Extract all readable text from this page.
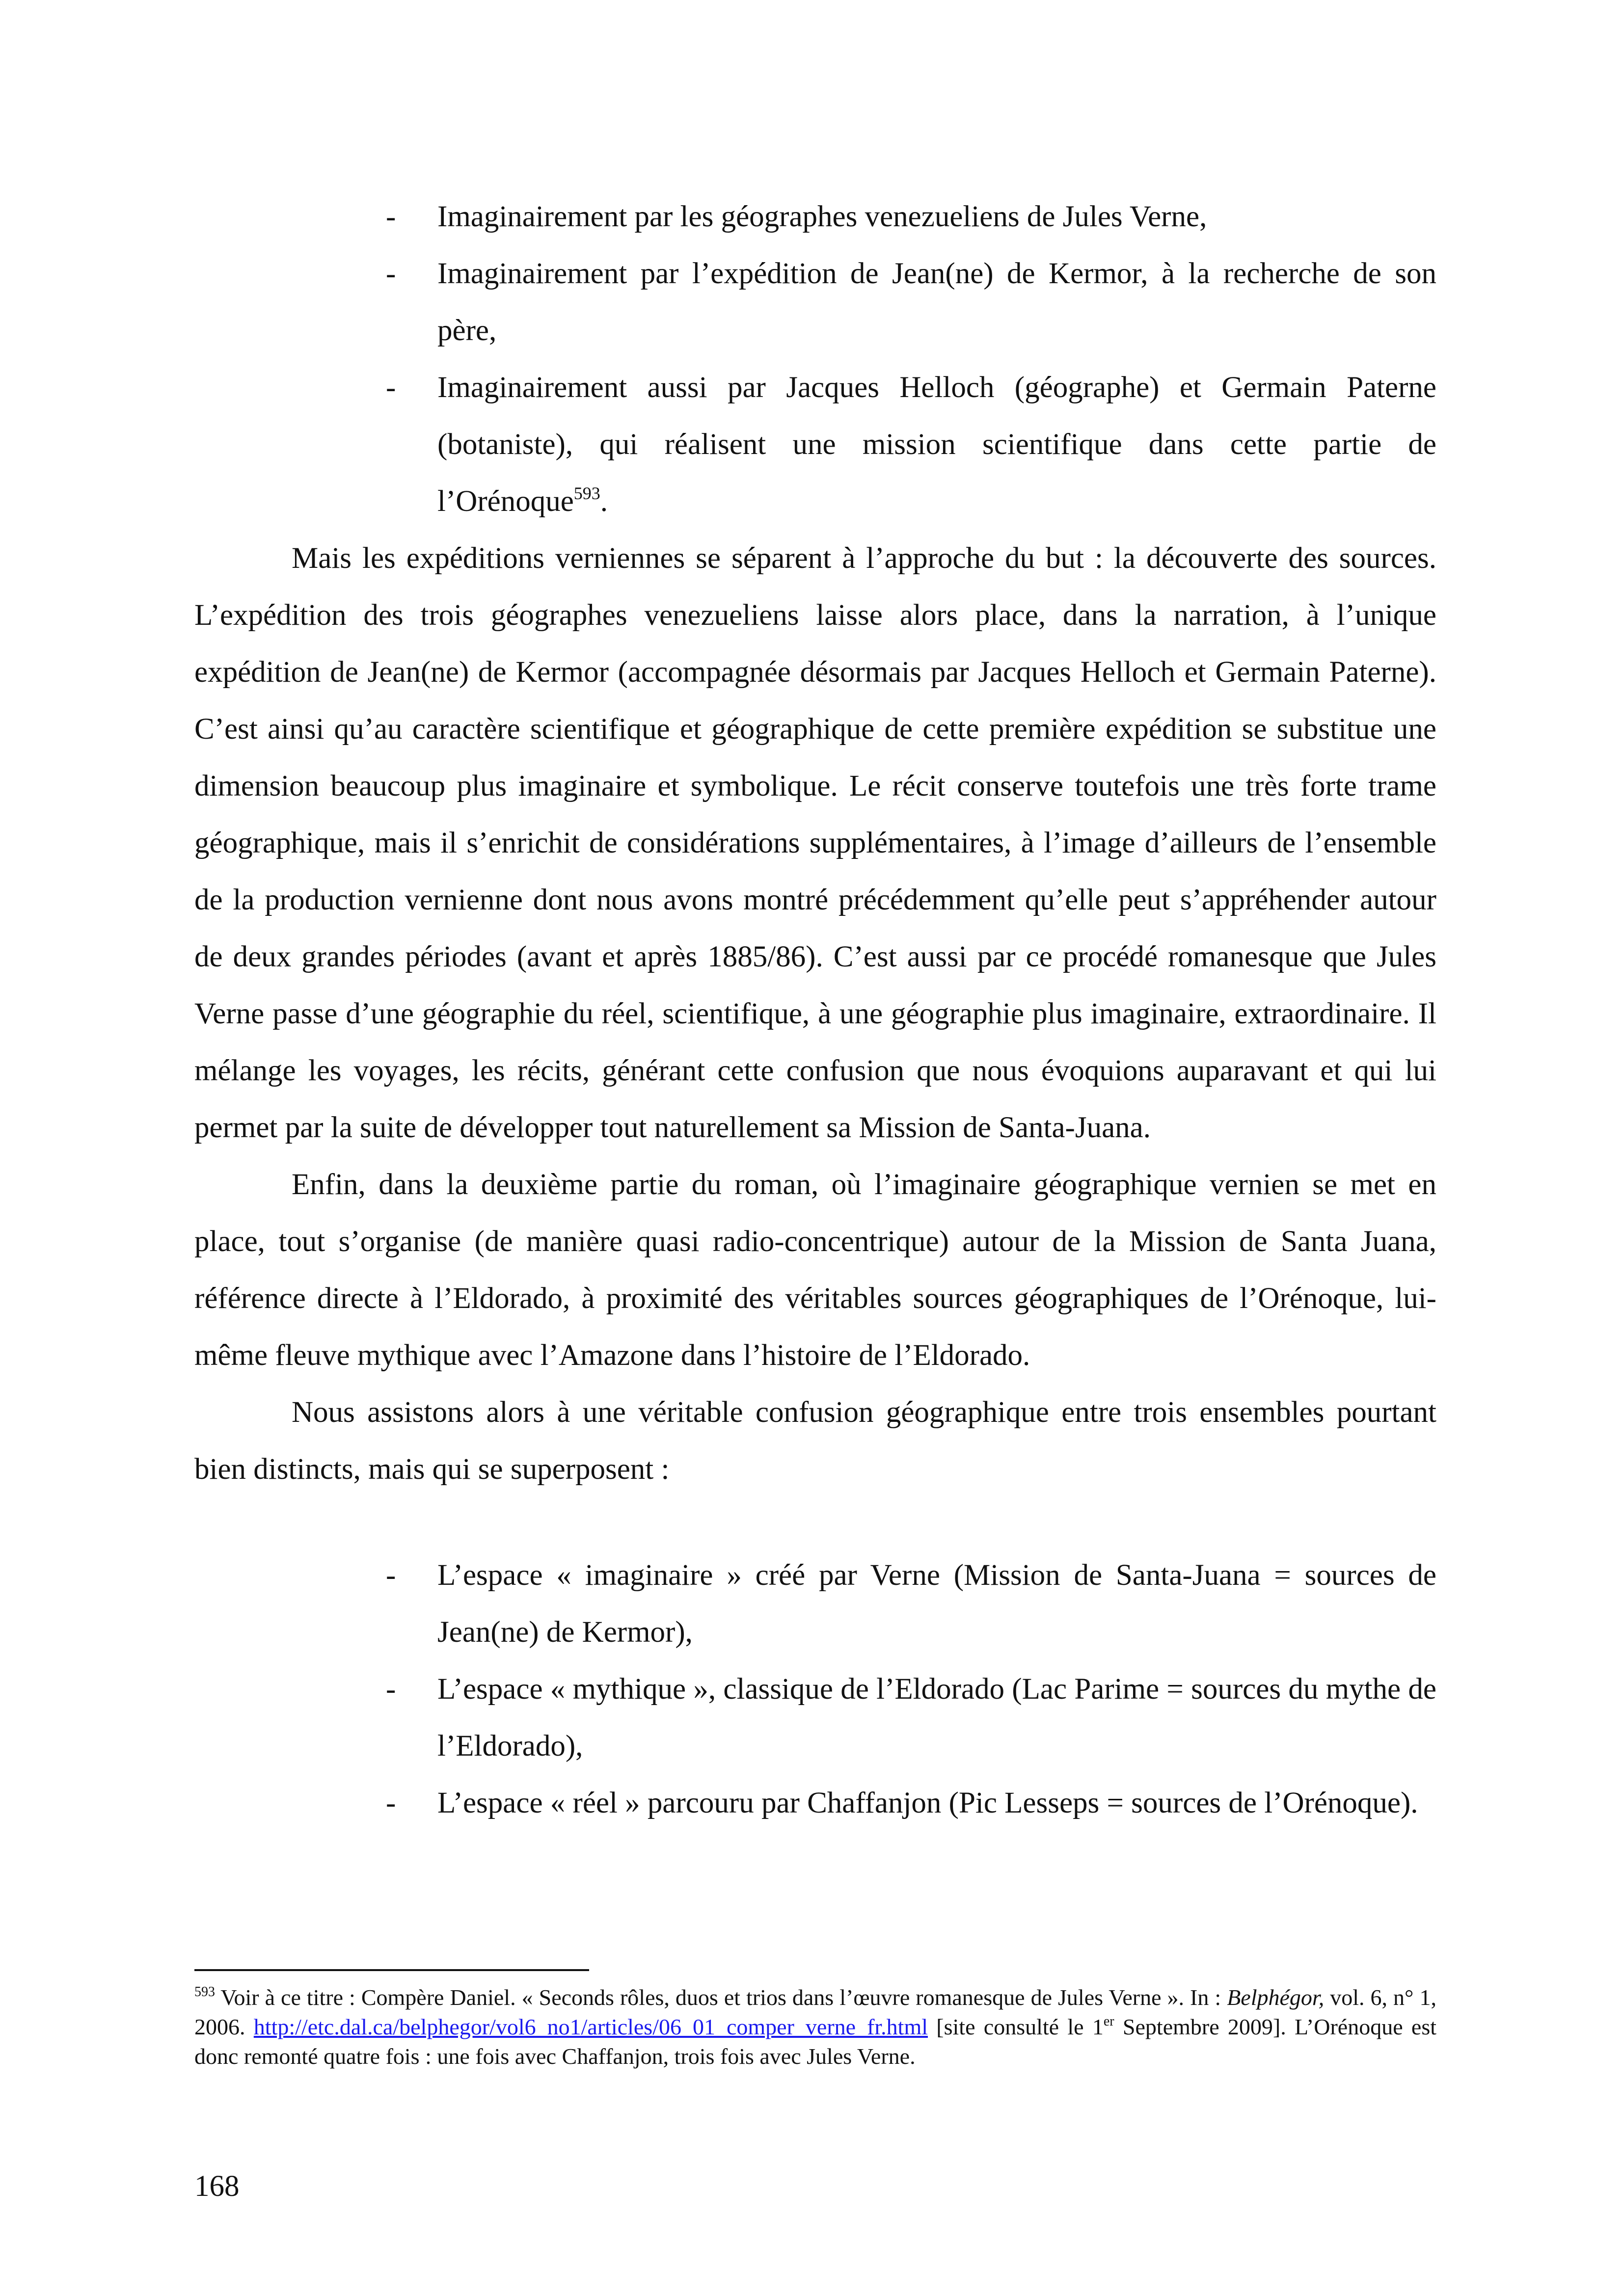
- Imaginairement par les géographes venezueliens de Jules Verne,
- Imaginairement par l’expédition de Jean(ne) de Kermor, à la recherche de son père,
- Imaginairement aussi par Jacques Helloch (géographe) et Germain Paterne (botaniste), qui réalisent une mission scientifique dans cette partie de l’Orénoque$^{593}$.

Mais les expéditions verniennes se séparent à l’approche du but : la découverte des sources. L’expédition des trois géographes venezueliens laisse alors place, dans la narration, à l’unique expédition de Jean(ne) de Kermor (accompagnée désormais par Jacques Helloch et Germain Paterne). C’est ainsi qu’au caractère scientifique et géographique de cette première expédition se substitue une dimension beaucoup plus imaginaire et symbolique. Le récit conserve toutefois une très forte trame géographique, mais il s’enrichit de considérations supplémentaires, à l’image d’ailleurs de l’ensemble de la production vernienne dont nous avons montré précédemment qu’elle peut s’appréhender autour de deux grandes périodes (avant et après 1885/86). C’est aussi par ce procédé romanesque que Jules Verne passe d’une géographie du réel, scientifique, à une géographie plus imaginaire, extraordinaire. Il mélange les voyages, les récits, générant cette confusion que nous évoquions auparavant et qui lui permet par la suite de développer tout naturellement sa Mission de Santa-Juana.

Enfin, dans la deuxième partie du roman, où l’imaginaire géographique vernien se met en place, tout s’organise (de manière quasi radio-concentrique) autour de la Mission de Santa Juana, référence directe à l’Eldorado, à proximité des véritables sources géographiques de l’Orénoque, lui-même fleuve mythique avec l’Amazone dans l’histoire de l’Eldorado.

Nous assistons alors à une véritable confusion géographique entre trois ensembles pourtant bien distincts, mais qui se superposent :

- L’espace « imaginaire » créé par Verne (Mission de Santa-Juana = sources de Jean(ne) de Kermor),
- L’espace « mythique », classique de l’Eldorado (Lac Parime = sources du mythe de l’Eldorado),
- L’espace « réel » parcouru par Chaffanjon (Pic Lesseps = sources de l’Orénoque).
$^{593}$ Voir à ce titre : Compère Daniel. « Seconds rôles, duos et trios dans l’œuvre romanesque de Jules Verne ». In : Belphégor, vol. 6, n° 1, 2006. http://etc.dal.ca/belphegor/vol6_no1/articles/06_01_comper_verne_fr.html [site consulté le 1er Septembre 2009]. L’Orénoque est donc remonté quatre fois : une fois avec Chaffanjon, trois fois avec Jules Verne.
168
